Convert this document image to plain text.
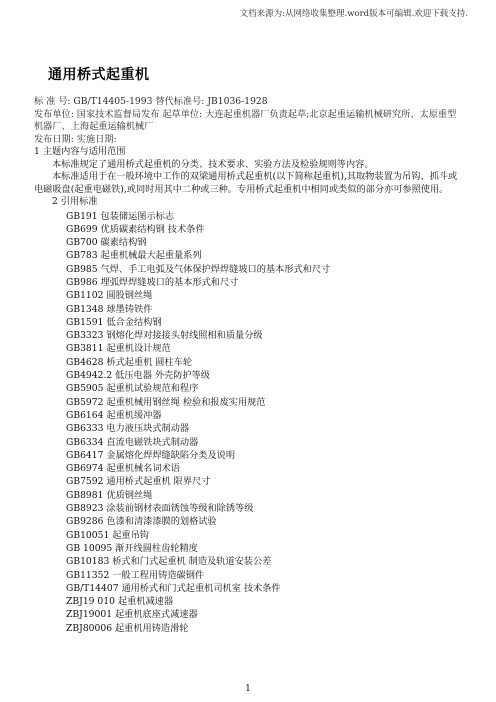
文档来源为:从网络收集整理.word版本可编辑.欢迎下载支持.
通用桥式起重机
标 准 号: GB/T14405-1993 替代标准号: JB1036-1928
发布单位: 国家技术监督局发布 起草单位: 大连起重机器厂负责起草;北京起重运输机械研究所、太原重型机器厂、上海起重运输机械厂
发布日期: 实施日期:
1 主题内容与适用范围
本标准规定了通用桥式起重机的分类、技术要求、实验方法及检验规则等内容。
本标准适用于在一般环境中工作的双梁通用桥式起重机(以下简称起重机),其取物装置为吊钩、抓斗或电磁吸盘(起重电磁铁),或同时用其中二种或三种。专用桥式起重机中相同或类似的部分亦可参照使用。
2 引用标准
GB191 包装储运图示标志
GB699 优质碳素结构钢 技术条件
GB700 碳素结构钢
GB783 起重机械最大起重量系列
GB985 气焊、手工电弧及气体保护焊焊缝坡口的基本形式和尺寸
GB986 埋弧焊焊缝坡口的基本形式和尺寸
GB1102 圆股钢丝绳
GB1348 球墨铸铁件
GB1591 低合金结构钢
GB3323 钢熔化焊对接接头射线照相和质量分级
GB3811 起重机设计规范
GB4628 桥式起重机 圆柱车轮
GB4942.2 低压电器 外壳防护等级
GB5905 起重机试验规范和程序
GB5972 起重机械用钢丝绳 检验和报废实用规范
GB6164 起重机缓冲器
GB6333 电力液压块式制动器
GB6334 直流电磁铁块式制动器
GB6417 金属熔化焊焊缝缺陷分类及说明
GB6974 起重机械名词术语
GB7592 通用桥式起重机 限界尺寸
GB8981 优质钢丝绳
GB8923 涂装前钢材表面锈蚀等级和除锈等级
GB9286 色漆和清漆漆膜的划格试验
GB10051 起重吊钩
GB 10095 渐开线圆柱齿轮精度
GB10183 桥式和门式起重机 制造及轨道安装公差
GB11352 一般工程用铸造碳钢件
GB/T14407 通用桥式和门式起重机司机室 技术条件
ZBJ19 010 起重机减速器
ZBJ19001 起重机底座式减速器
ZBJ80006 起重机用铸造滑轮
1
